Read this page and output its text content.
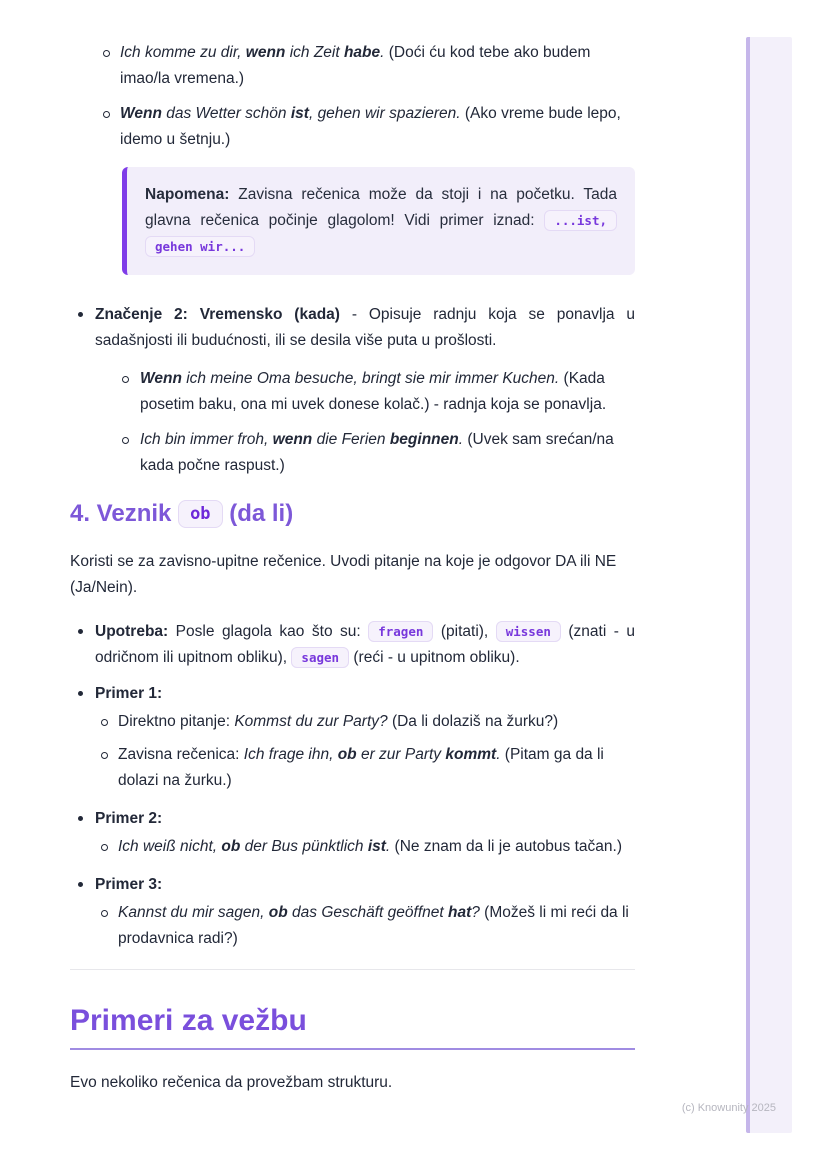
Ich komme zu dir, wenn ich Zeit habe. (Doći ću kod tebe ako budem imao/la vremena.)
Wenn das Wetter schön ist, gehen wir spazieren. (Ako vreme bude lepo, idemo u šetnju.)
Napomena: Zavisna rečenica može da stoji i na početku. Tada glavna rečenica počinje glagolom! Vidi primer iznad: ...ist, gehen wir...
Značenje 2: Vremensko (kada) - Opisuje radnju koja se ponavlja u sadašnjosti ili budućnosti, ili se desila više puta u prošlosti.
Wenn ich meine Oma besuche, bringt sie mir immer Kuchen. (Kada posetim baku, ona mi uvek donese kolač.) - radnja koja se ponavlja.
Ich bin immer froh, wenn die Ferien beginnen. (Uvek sam srećan/na kada počne raspust.)
4. Veznik ob (da li)

Koristi se za zavisno-upitne rečenice. Uvodi pitanje na koje je odgovor DA ili NE (Ja/Nein).

Upotreba: Posle glagola kao što su: fragen (pitati), wissen (znati - u odričnom ili upitnom obliku), sagen (reći - u upitnom obliku).
Primer 1:
Direktno pitanje: Kommst du zur Party? (Da li dolaziš na žurku?)
Zavisna rečenica: Ich frage ihn, ob er zur Party kommt. (Pitam ga da li dolazi na žurku.)
Primer 2:
Ich weiß nicht, ob der Bus pünktlich ist. (Ne znam da li je autobus tačan.)
Primer 3:
Kannst du mir sagen, ob das Geschäft geöffnet hat? (Možeš li mi reći da li prodavnica radi?)
Primeri za vežbu

Evo nekoliko rečenica da provežbam strukturu.

(c) Knowunity 2025
